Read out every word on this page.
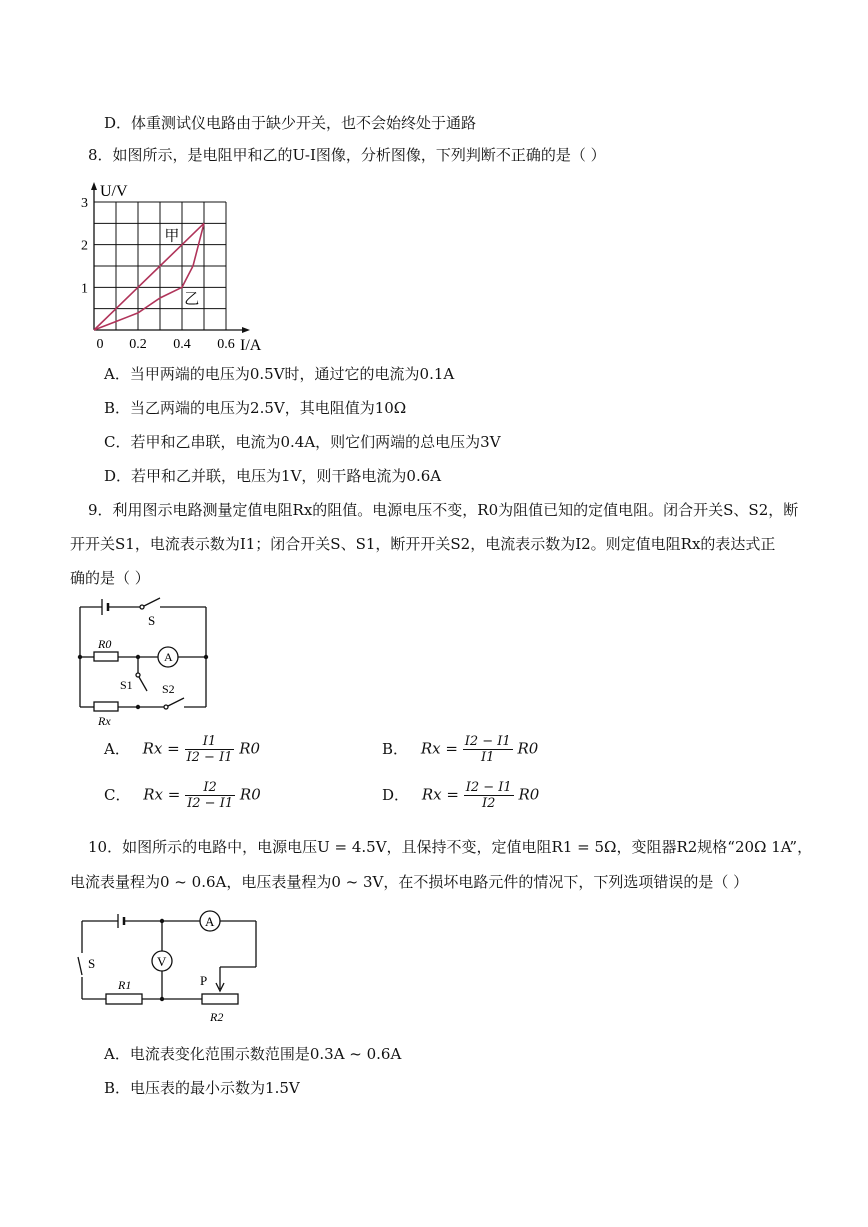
D．体重测试仪电路由于缺少开关，也不会始终处于通路
8．如图所示，是电阻甲和乙的U-I图像，分析图像，下列判断不正确的是（ ）
甲
乙
0 0.2 0.4 0.6
1
2
3
U/V
I/A
A．当甲两端的电压为0.5V时，通过它的电流为0.1A
B．当乙两端的电压为2.5V，其电阻值为10Ω
C．若甲和乙串联，电流为0.4A，则它们两端的总电压为3V
D．若甲和乙并联，电压为1V，则干路电流为0.6A
9．利用图示电路测量定值电阻Rx的阻值。电源电压不变，R0为阻值已知的定值电阻。闭合开关S、S2，断
开开关S1，电流表示数为I1；闭合开关S、S1，断开开关S2，电流表示数为I2。则定值电阻Rx的表达式正
确的是（ ）
S
R0
A
S1 S2
Rx
A． $Rx = \frac{I1}{I2 - I1} R0$	B． $Rx = \frac{I2 - I1}{I1} R0$
C． $Rx = \frac{I2}{I2 - I1} R0$	D． $Rx = \frac{I2 - I1}{I2} R0$
10．如图所示的电路中，电源电压U = 4.5V，且保持不变，定值电阻R1 = 5Ω，变阻器R2规格“20Ω 1A”，
电流表量程为0 ~ 0.6A，电压表量程为0 ~ 3V，在不损坏电路元件的情况下，下列选项错误的是（ ）
A
V
S
R1	P
R2
A．电流表变化范围示数范围是0.3A ~ 0.6A
B．电压表的最小示数为1.5V
